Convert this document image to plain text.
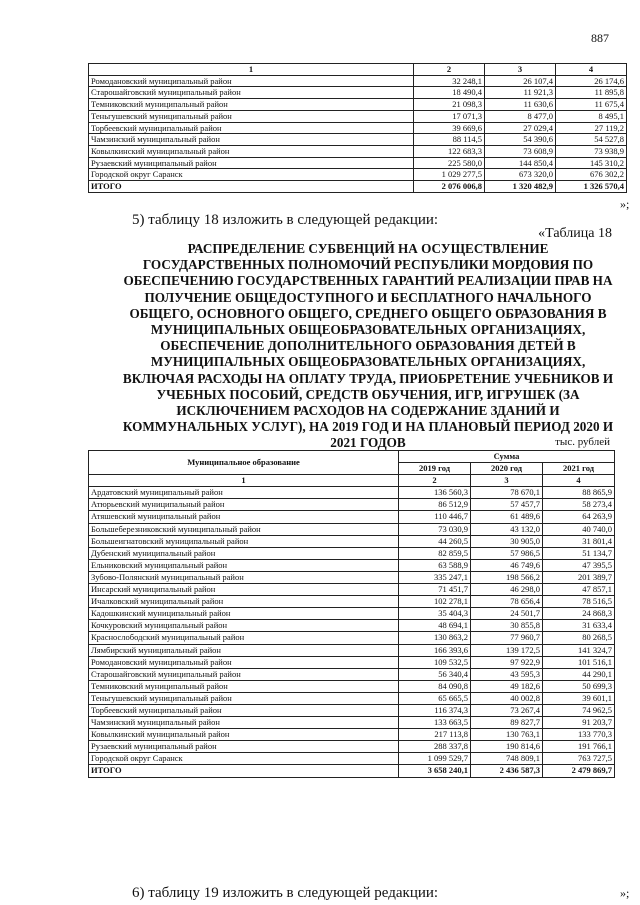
887
1	2	3	4
Ромодановский муниципальный район	32 248,1	26 107,4	26 174,6
Старошайговский муниципальный район	18 490,4	11 921,3	11 895,8
Темниковский муниципальный район	21 098,3	11 630,6	11 675,4
Теньгушевский муниципальный район	17 071,3	8 477,0	8 495,1
Торбеевский муниципальный район	39 669,6	27 029,4	27 119,2
Чамзинский муниципальный район	88 114,5	54 390,6	54 527,8
Ковылкинский муниципальный район	122 683,3	73 608,9	73 938,9
Рузаевский муниципальный район	225 580,0	144 850,4	145 310,2
Городской округ Саранск	1 029 277,5	673 320,0	676 302,2
ИТОГО	2 076 006,8	1 320 482,9	1 326 570,4
»;
5) таблицу 18 изложить в следующей редакции:
«Таблица 18

РАСПРЕДЕЛЕНИЕ СУБВЕНЦИЙ НА ОСУЩЕСТВЛЕНИЕ ГОСУДАРСТВЕННЫХ ПОЛНОМОЧИЙ РЕСПУБЛИКИ МОРДОВИЯ ПО ОБЕСПЕЧЕНИЮ ГОСУДАРСТВЕННЫХ ГАРАНТИЙ РЕАЛИЗАЦИИ ПРАВ НА ПОЛУЧЕНИЕ ОБЩЕДОСТУПНОГО И БЕСПЛАТНОГО НАЧАЛЬНОГО ОБЩЕГО, ОСНОВНОГО ОБЩЕГО, СРЕДНЕГО ОБЩЕГО ОБРАЗОВАНИЯ В МУНИЦИПАЛЬНЫХ ОБЩЕОБРАЗОВАТЕЛЬНЫХ ОРГАНИЗАЦИЯХ, ОБЕСПЕЧЕНИЕ ДОПОЛНИТЕЛЬНОГО ОБРАЗОВАНИЯ ДЕТЕЙ В МУНИЦИПАЛЬНЫХ ОБЩЕОБРАЗОВАТЕЛЬНЫХ ОРГАНИЗАЦИЯХ, ВКЛЮЧАЯ РАСХОДЫ НА ОПЛАТУ ТРУДА, ПРИОБРЕТЕНИЕ УЧЕБНИКОВ И УЧЕБНЫХ ПОСОБИЙ, СРЕДСТВ ОБУЧЕНИЯ, ИГР, ИГРУШЕК (ЗА ИСКЛЮЧЕНИЕМ РАСХОДОВ НА СОДЕРЖАНИЕ ЗДАНИЙ И КОММУНАЛЬНЫХ УСЛУГ), НА 2019 ГОД И НА ПЛАНОВЫЙ ПЕРИОД 2020 И 2021 ГОДОВ	тыс. рублей
Муниципальное образование	Сумма		
	2019 год	2020 год	2021 год
1	2	3	4
Ардатовский муниципальный район	136 560,3	78 670,1	88 865,9
Атюрьевский муниципальный район	86 512,9	57 457,7	58 273,4
Атяшевский муниципальный район	110 446,7	61 489,6	64 263,9
Большеберезниковский муниципальный район	73 030,9	43 132,0	40 740,0
Большеигнатовский муниципальный район	44 260,5	30 905,0	31 801,4
Дубенский муниципальный район	82 859,5	57 986,5	51 134,7
Ельниковский муниципальный район	63 588,9	46 749,6	47 395,5
Зубово-Полянский муниципальный район	335 247,1	198 566,2	201 389,7
Инсарский муниципальный район	71 451,7	46 298,0	47 857,1
Ичалковский муниципальный район	102 278,1	78 656,4	78 516,5
Кадошкинский муниципальный район	35 404,3	24 501,7	24 868,3
Кочкуровский муниципальный район	48 694,1	30 855,8	31 633,4
Краснослободский муниципальный район	130 863,2	77 960,7	80 268,5
Лямбирский муниципальный район	166 393,6	139 172,5	141 324,7
Ромодановский муниципальный район	109 532,5	97 922,9	101 516,1
Старошайговский муниципальный район	56 340,4	43 595,3	44 290,1
Темниковский муниципальный район	84 090,8	49 182,6	50 699,3
Теньгушевский муниципальный район	65 665,5	40 002,8	39 601,1
Торбеевский муниципальный район	116 374,3	73 267,4	74 962,5
Чамзинский муниципальный район	133 663,5	89 827,7	91 203,7
Ковылкинский муниципальный район	217 113,8	130 763,1	133 770,3
Рузаевский муниципальный район	288 337,8	190 814,6	191 766,1
Городской округ Саранск	1 099 529,7	748 809,1	763 727,5
ИТОГО	3 658 240,1	2 436 587,3	2 479 869,7
»;
6) таблицу 19 изложить в следующей редакции:
